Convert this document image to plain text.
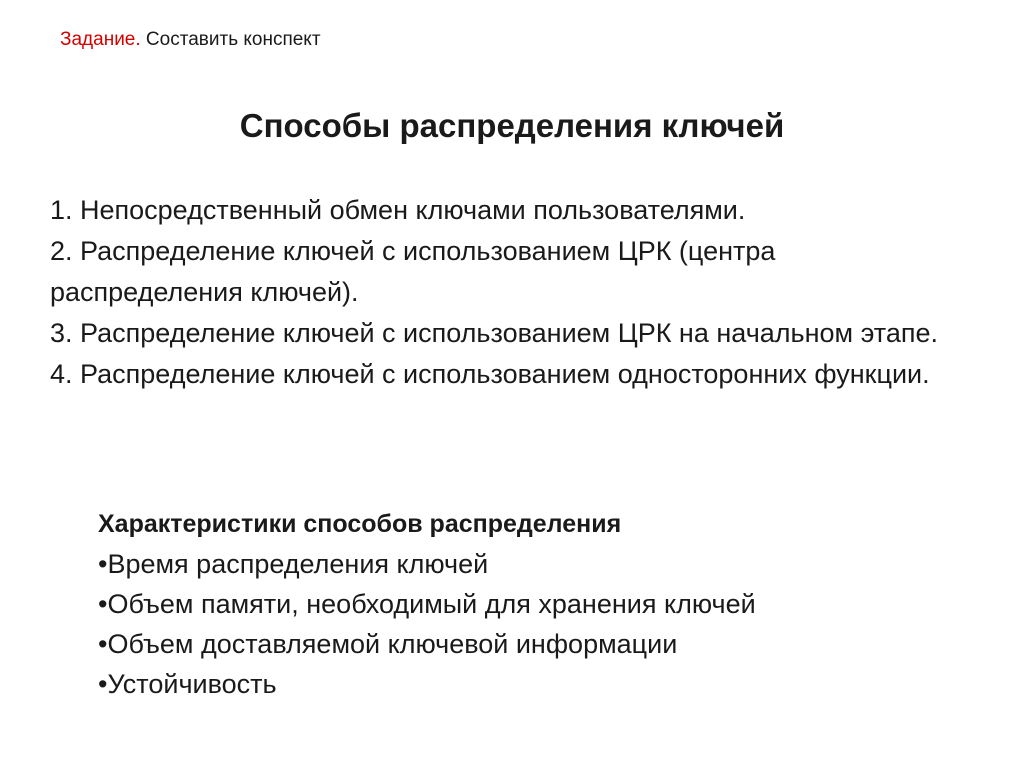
Задание. Составить конспект
Способы распределения ключей
1. Непосредственный обмен ключами пользователями.
2. Распределение ключей с использованием ЦРК (центра распределения ключей).
3. Распределение ключей с использованием ЦРК на начальном этапе.
4. Распределение ключей с использованием односторонних функции.
Характеристики способов распределения
•Время распределения ключей
•Объем памяти, необходимый для хранения ключей
•Объем доставляемой ключевой информации
•Устойчивость
